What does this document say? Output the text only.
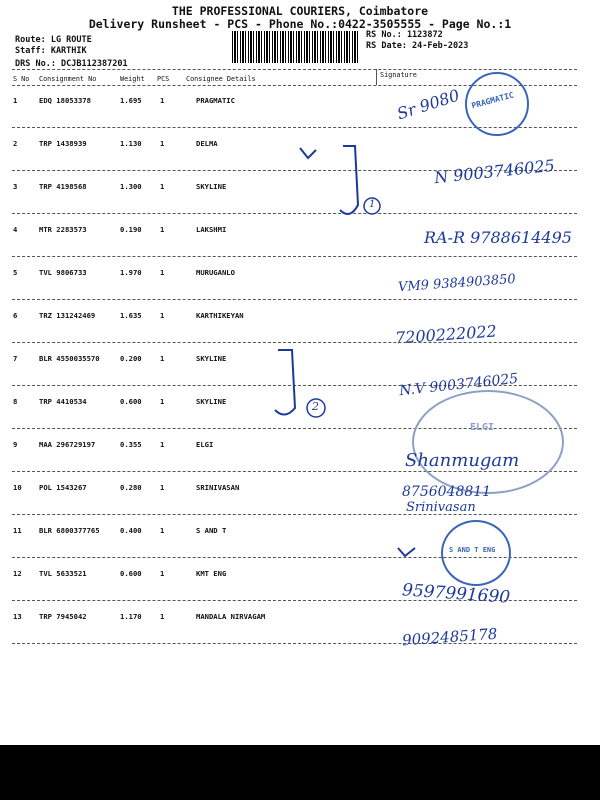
THE PROFESSIONAL COURIERS, Coimbatore
Delivery Runsheet - PCS - Phone No.:0422-3505555 - Page No.:1
Route: LG ROUTE
Staff: KARTHIK
DRS No.: DCJB112387201
RS No.: 1123872
RS Date: 24-Feb-2023
S No Consignment No	Weight PCS Consignee Details	Signature
1	EDQ 18053378	1.695	1	PRAGMATIC
2	TRP 1438939	1.130	1	DELMA
3	TRP 4198568	1.300	1	SKYLINE
4	MTR 2283573	0.190	1	LAKSHMI
5	TVL 9806733	1.970	1	MURUGANLO
6	TRZ 131242469	1.635	1	KARTHIKEYAN
7	BLR 4550035570	0.200	1	SKYLINE
8	TRP 4410534	0.600	1	SKYLINE
9	MAA 296729197	0.355	1	ELGI
10 POL 1543267	0.280	1	SRINIVASAN
11 BLR 6800377765	0.400	1	S AND T
12 TVL 5633521	0.600	1	KMT ENG
13 TRP 7945042	1.170	1	MANDALA NIRVAGAM
PRAGMATIC
ELGI
S AND T ENG
Sr 9080
N 9003746025
RA-R 9788614495
VM9 9384903850
7200222022
N.V 9003746025
Shanmugam
8756048811
Srinivasan
9597991690
9092485178
1
2
